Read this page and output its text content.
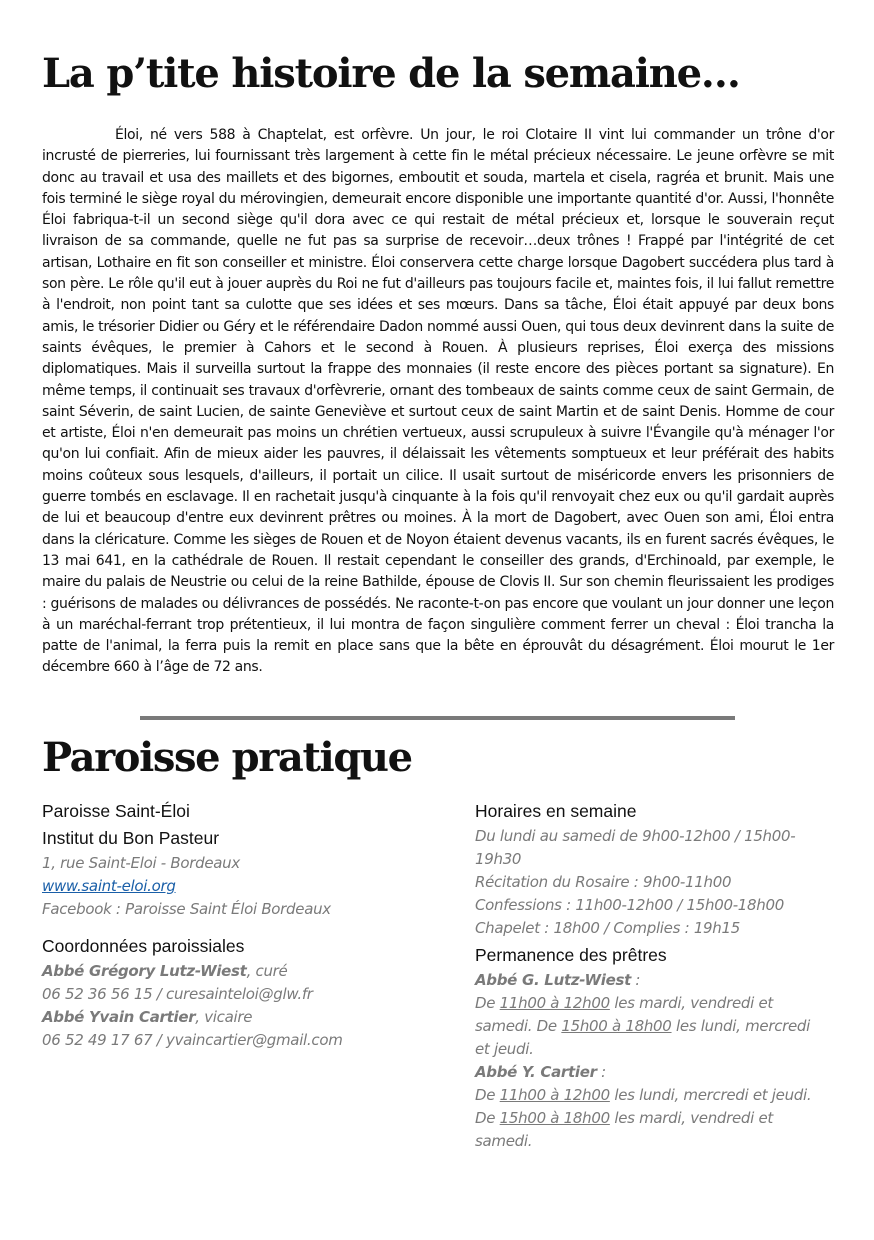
La p’tite histoire de la semaine…

Éloi, né vers 588 à Chaptelat, est orfèvre. Un jour, le roi Clotaire II vint lui commander un trône d'or incrusté de pierreries, lui fournissant très largement à cette fin le métal précieux nécessaire. Le jeune orfèvre se mit donc au travail et usa des maillets et des bigornes, emboutit et souda, martela et cisela, ragréa et brunit. Mais une fois terminé le siège royal du mérovingien, demeurait encore disponible une importante quantité d'or. Aussi, l'honnête Éloi fabriqua-t-il un second siège qu'il dora avec ce qui restait de métal précieux et, lorsque le souverain reçut livraison de sa commande, quelle ne fut pas sa surprise de recevoir…deux trônes ! Frappé par l'intégrité de cet artisan, Lothaire en fit son conseiller et ministre. Éloi conservera cette charge lorsque Dagobert succédera plus tard à son père. Le rôle qu'il eut à jouer auprès du Roi ne fut d'ailleurs pas toujours facile et, maintes fois, il lui fallut remettre à l'endroit, non point tant sa culotte que ses idées et ses mœurs. Dans sa tâche, Éloi était appuyé par deux bons amis, le trésorier Didier ou Géry et le référendaire Dadon nommé aussi Ouen, qui tous deux devinrent dans la suite de saints évêques, le premier à Cahors et le second à Rouen. À plusieurs reprises, Éloi exerça des missions diplomatiques. Mais il surveilla surtout la frappe des monnaies (il reste encore des pièces portant sa signature). En même temps, il continuait ses travaux d'orfèvrerie, ornant des tombeaux de saints comme ceux de saint Germain, de saint Séverin, de saint Lucien, de sainte Geneviève et surtout ceux de saint Martin et de saint Denis. Homme de cour et artiste, Éloi n'en demeurait pas moins un chrétien vertueux, aussi scrupuleux à suivre l'Évangile qu'à ménager l'or qu'on lui confiait. Afin de mieux aider les pauvres, il délaissait les vêtements somptueux et leur préférait des habits moins coûteux sous lesquels, d'ailleurs, il portait un cilice. Il usait surtout de miséricorde envers les prisonniers de guerre tombés en esclavage. Il en rachetait jusqu'à cinquante à la fois qu'il renvoyait chez eux ou qu'il gardait auprès de lui et beaucoup d'entre eux devinrent prêtres ou moines. À la mort de Dagobert, avec Ouen son ami, Éloi entra dans la cléricature. Comme les sièges de Rouen et de Noyon étaient devenus vacants, ils en furent sacrés évêques, le 13 mai 641, en la cathédrale de Rouen. Il restait cependant le conseiller des grands, d'Erchinoald, par exemple, le maire du palais de Neustrie ou celui de la reine Bathilde, épouse de Clovis II. Sur son chemin fleurissaient les prodiges : guérisons de malades ou délivrances de possédés. Ne raconte-t-on pas encore que voulant un jour donner une leçon à un maréchal-ferrant trop prétentieux, il lui montra de façon singulière comment ferrer un cheval : Éloi trancha la patte de l'animal, la ferra puis la remit en place sans que la bête en éprouvât du désagrément. Éloi mourut le 1er décembre 660 à l’âge de 72 ans.

Paroisse pratique

Paroisse Saint-Éloi

Institut du Bon Pasteur

1, rue Saint-Eloi - Bordeaux

www.saint-eloi.org

Facebook : Paroisse Saint Éloi Bordeaux

Coordonnées paroissiales

Abbé Grégory Lutz-Wiest, curé

06 52 36 56 15 / curesainteloi@glw.fr

Abbé Yvain Cartier, vicaire

06 52 49 17 67 / yvaincartier@gmail.com

Horaires en semaine

Du lundi au samedi de 9h00-12h00 / 15h00-19h30

Récitation du Rosaire : 9h00-11h00

Confessions : 11h00-12h00 / 15h00-18h00

Chapelet : 18h00 / Complies : 19h15

Permanence des prêtres

Abbé G. Lutz-Wiest :

De 11h00 à 12h00 les mardi, vendredi et samedi. De 15h00 à 18h00 les lundi, mercredi et jeudi.

Abbé Y. Cartier :

De 11h00 à 12h00 les lundi, mercredi et jeudi. De 15h00 à 18h00 les mardi, vendredi et samedi.
